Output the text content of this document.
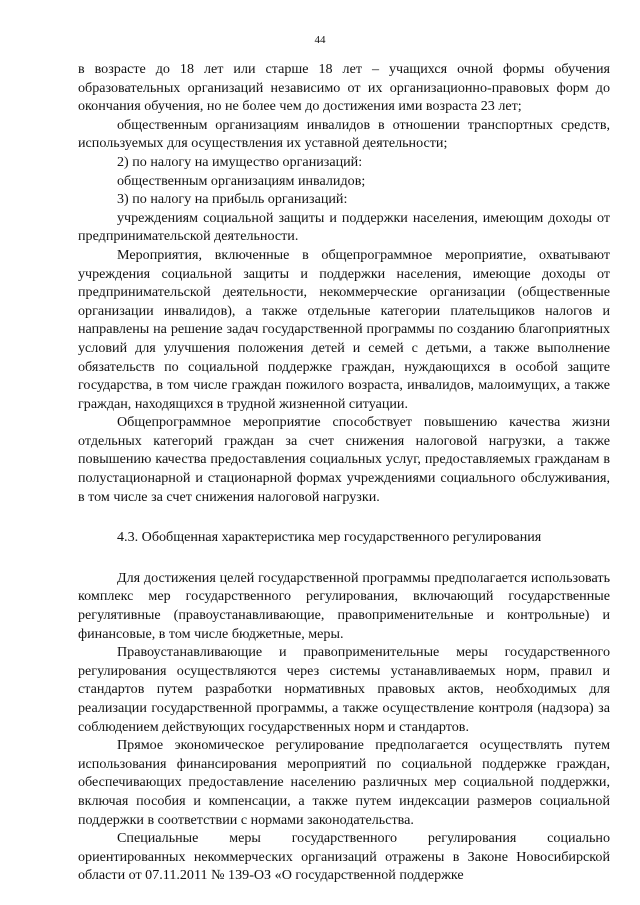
44

в возрасте до 18 лет или старше 18 лет – учащихся очной формы обучения образовательных организаций независимо от их организационно-правовых форм до окончания обучения, но не более чем до достижения ими возраста 23 лет;

общественным организациям инвалидов в отношении транспортных средств, используемых для осуществления их уставной деятельности;

2) по налогу на имущество организаций:

общественным организациям инвалидов;

3) по налогу на прибыль организаций:

учреждениям социальной защиты и поддержки населения, имеющим доходы от предпринимательской деятельности.

Мероприятия, включенные в общепрограммное мероприятие, охватывают учреждения социальной защиты и поддержки населения, имеющие доходы от предпринимательской деятельности, некоммерческие организации (общественные организации инвалидов), а также отдельные категории плательщиков налогов и направлены на решение задач государственной программы по созданию благоприятных условий для улучшения положения детей и семей с детьми, а также выполнение обязательств по социальной поддержке граждан, нуждающихся в особой защите государства, в том числе граждан пожилого возраста, инвалидов, малоимущих, а также граждан, находящихся в трудной жизненной ситуации.

Общепрограммное мероприятие способствует повышению качества жизни отдельных категорий граждан за счет снижения налоговой нагрузки, а также повышению качества предоставления социальных услуг, предоставляемых гражданам в полустационарной и стационарной формах учреждениями социального обслуживания, в том числе за счет снижения налоговой нагрузки.

4.3. Обобщенная характеристика мер государственного регулирования

Для достижения целей государственной программы предполагается использовать комплекс мер государственного регулирования, включающий государственные регулятивные (правоустанавливающие, правоприменительные и контрольные) и финансовые, в том числе бюджетные, меры.

Правоустанавливающие и правоприменительные меры государственного регулирования осуществляются через системы устанавливаемых норм, правил и стандартов путем разработки нормативных правовых актов, необходимых для реализации государственной программы, а также осуществление контроля (надзора) за соблюдением действующих государственных норм и стандартов.

Прямое экономическое регулирование предполагается осуществлять путем использования финансирования мероприятий по социальной поддержке граждан, обеспечивающих предоставление населению различных мер социальной поддержки, включая пособия и компенсации, а также путем индексации размеров социальной поддержки в соответствии с нормами законодательства.

Специальные меры государственного регулирования социально ориентированных некоммерческих организаций отражены в Законе Новосибирской области от 07.11.2011 № 139-ОЗ «О государственной поддержке
